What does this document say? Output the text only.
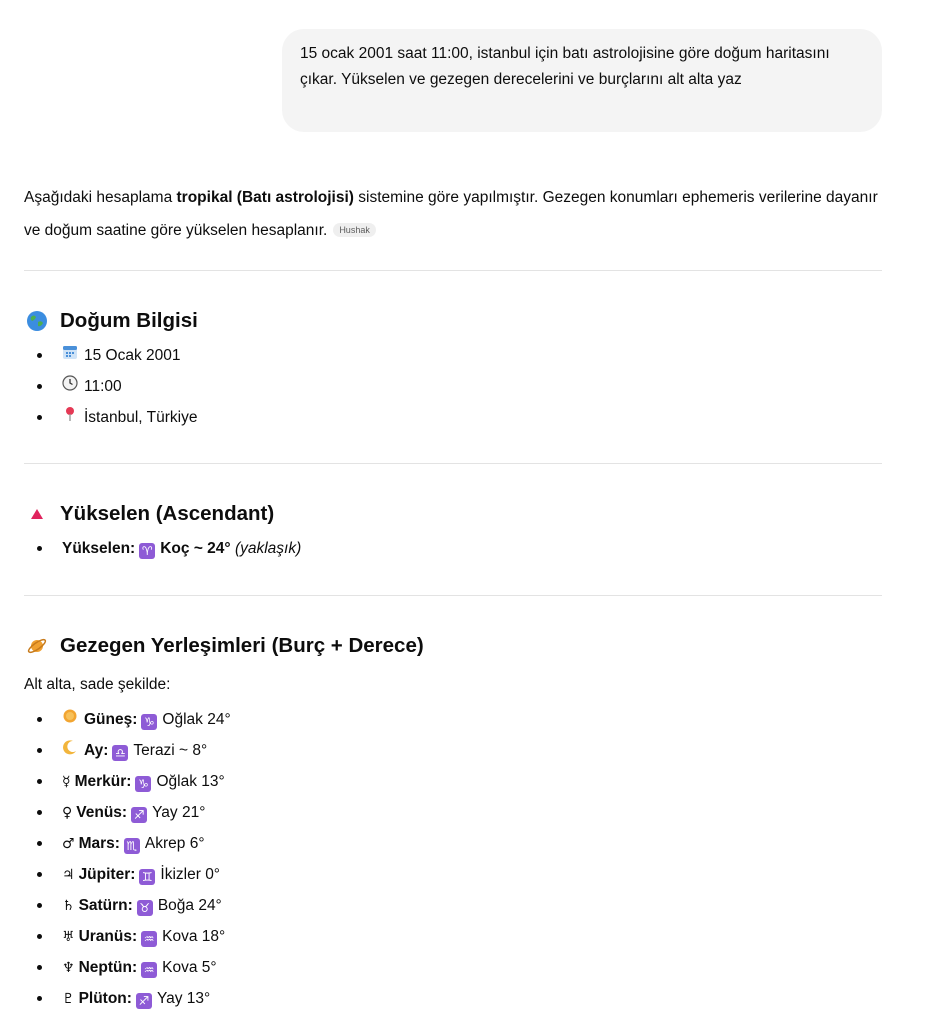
15 ocak 2001 saat 11:00, istanbul için batı astrolojisine göre doğum haritasını çıkar. Yükselen ve gezegen derecelerini ve burçlarını alt alta yaz
Aşağıdaki hesaplama tropikal (Batı astrolojisi) sistemine göre yapılmıştır. Gezegen konumları ephemeris verilerine dayanır ve doğum saatine göre yükselen hesaplanır. Hushak
Doğum Bilgisi
15 Ocak 2001
11:00
İstanbul, Türkiye
Yükselen (Ascendant)
Yükselen: ♈ Koç ~ 24° (yaklaşık)
Gezegen Yerleşimleri (Burç + Derece)
Alt alta, sade şekilde:
Güneş: ♑ Oğlak 24°
Ay: ♎ Terazi ~ 8°
☿ Merkür: ♑ Oğlak 13°
♀ Venüs: ♐ Yay 21°
♂ Mars: ♏ Akrep 6°
♃ Jüpiter: ♊ İkizler 0°
♄ Satürn: ♉ Boğa 24°
♅ Uranüs: ♒ Kova 18°
♆ Neptün: ♒ Kova 5°
♇ Plüton: ♐ Yay 13°
